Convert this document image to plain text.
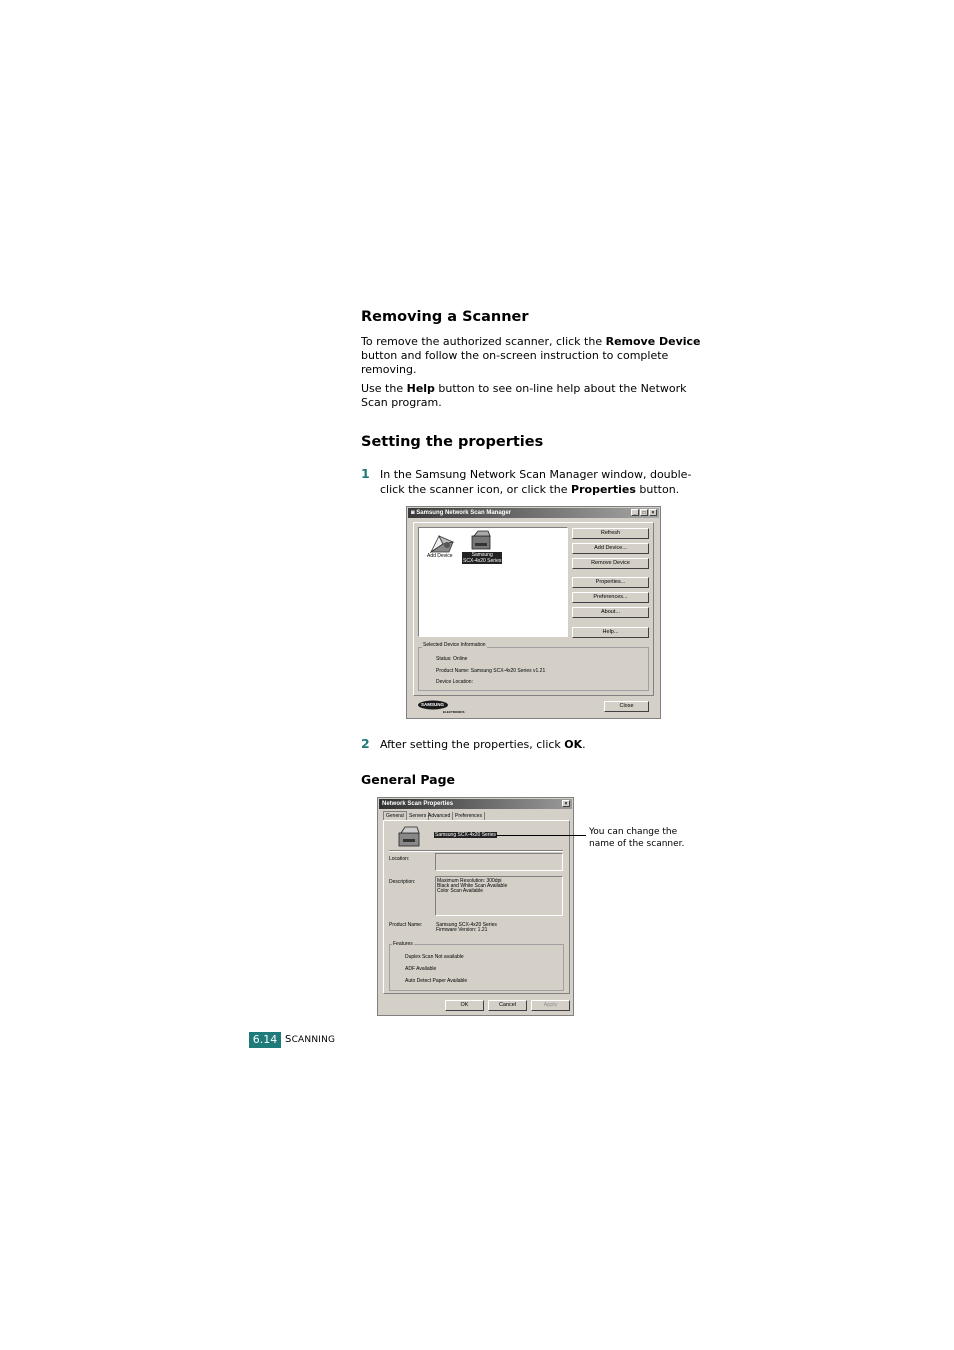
Removing a Scanner

To remove the authorized scanner, click the Remove Device button and follow the on-screen instruction to complete removing.

Use the Help button to see on-line help about the Network Scan program.

Setting the properties
1 In the Samsung Network Scan Manager window, double-click the scanner icon, or click the Properties button.

◙ Samsung Network Scan Manager	_	□	×
Add Device	Samsung
SCX-4x20 Series
Refresh
Add Device...
Remove Device
Properties...
Preferences...
About...
Help...
Selected Device Information
Status: Online
Product Name: Samsung SCX-4x20 Series v1.21
Device Location:
SAMSUNG
ELECTRONICS
Close
2 After setting the properties, click OK.

General Page
Network Scan Properties	×
General	Servers Advanced Preferences
Samsung SCX-4x20 Series
Location:
Description:	Maximum Resolution: 300dpi
Black and White Scan Available
Color Scan Available
Product Name:	Samsung SCX-4x20 Series
Firmware Version: 1.21
Features
Duplex Scan Not available
ADF Available
Auto Detect Paper Available
OK	Cancel	Apply
You can change the
name of the scanner.
6.14 SCANNING
